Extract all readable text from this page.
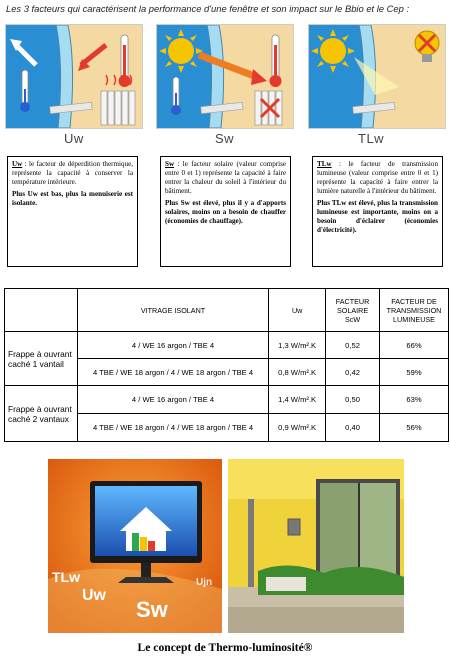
Les 3 facteurs qui caractérisent la performance d'une fenêtre et son impact sur le Bbio et le Cep :
Uw	Sw	TLw

Uw : le facteur de déperdition thermique, représente la capacité à conserver la température intérieure.

Plus Uw est bas, plus la menuiserie est isolante.

Sw : le facteur solaire (valeur comprise entre 0 et 1) représente la capacité à faire entrer la chaleur du soleil à l'intérieur du bâtiment.

Plus Sw est élevé, plus il y a d'apports solaires, moins on a besoin de chauffer (économies de chauffage).

TLw : le facteur de transmission lumineuse (valeur comprise entre 0 et 1) représente la capacité à faire entrer la lumière naturelle à l'intérieur du bâtiment.

Plus TLw est élevé, plus la transmission lumineuse est importante, moins on a besoin d'éclairer (économies d'électricité).

	VITRAGE ISOLANT	Uw	FACTEUR SOLAIRE ScW	FACTEUR DE TRANSMISSION LUMINEUSE
Frappe à ouvrant caché 1 vantail	4 / WE 16 argon / TBE 4	1,3 W/m².K	0,52	66%
	4 TBE / WE 18 argon / 4 / WE 18 argon / TBE 4	0,8 W/m².K	0,42	59%
Frappe à ouvrant caché 2 vantaux	4 / WE 16 argon / TBE 4	1,4 W/m².K	0,50	63%
	4 TBE / WE 18 argon / 4 / WE 18 argon / TBE 4	0,9 W/m².K	0,40	56%
TLw
Uw
Sw
Ujn
Le concept de Thermo-luminosité®
